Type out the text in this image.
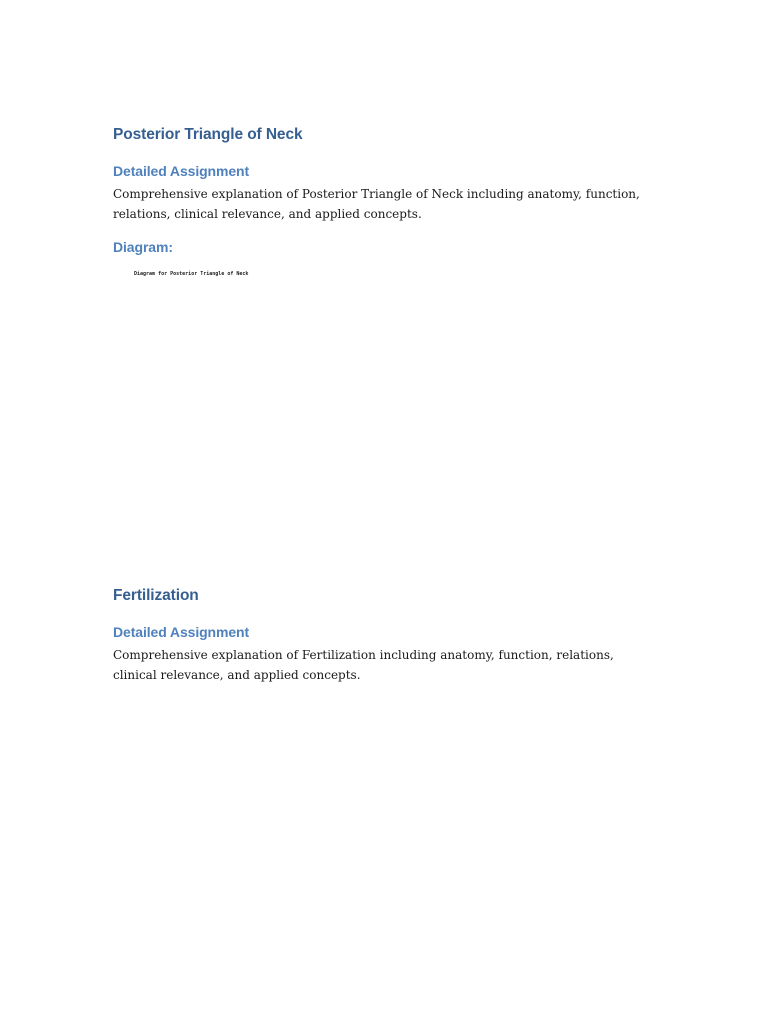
Posterior Triangle of Neck
Detailed Assignment

Comprehensive explanation of Posterior Triangle of Neck including anatomy, function, relations, clinical relevance, and applied concepts.

Diagram:

Diagram for Posterior Triangle of Neck

Fertilization
Detailed Assignment

Comprehensive explanation of Fertilization including anatomy, function, relations, clinical relevance, and applied concepts.
